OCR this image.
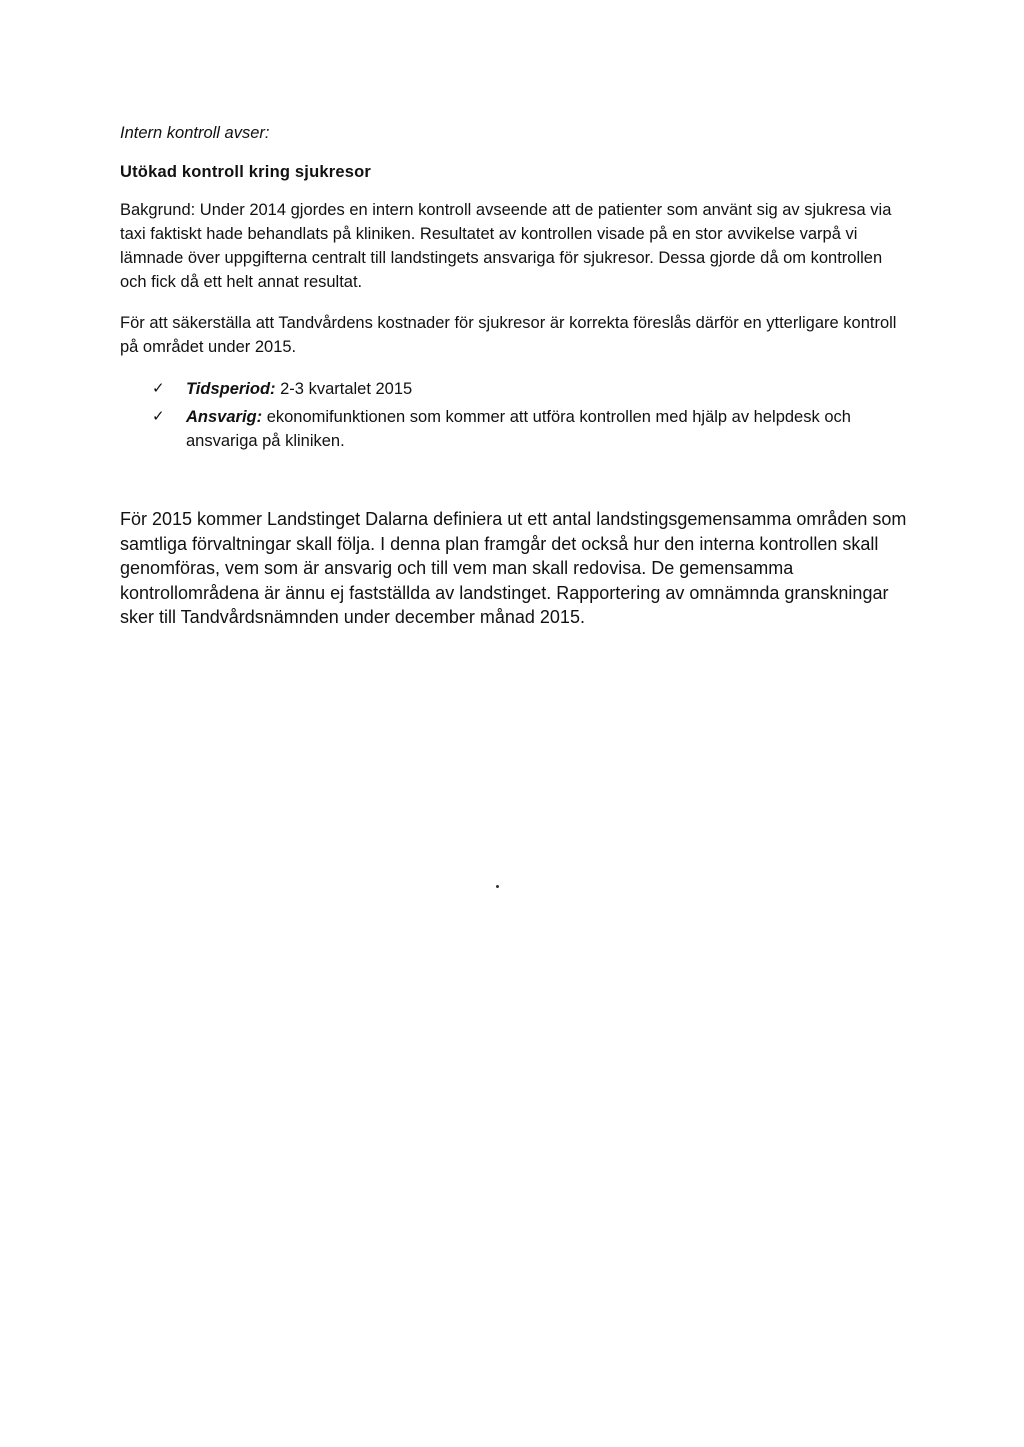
Intern kontroll avser:

Utökad kontroll kring sjukresor

Bakgrund: Under 2014 gjordes en intern kontroll avseende att de patienter som använt sig av sjukresa via taxi faktiskt hade behandlats på kliniken. Resultatet av kontrollen visade på en stor avvikelse varpå vi lämnade över uppgifterna centralt till landstingets ansvariga för sjukresor. Dessa gjorde då om kontrollen och fick då ett helt annat resultat.

För att säkerställa att Tandvårdens kostnader för sjukresor är korrekta föreslås därför en ytterligare kontroll på området under 2015.

✓ Tidsperiod: 2-3 kvartalet 2015
✓ Ansvarig: ekonomifunktionen som kommer att utföra kontrollen med hjälp av helpdesk och ansvariga på kliniken.

För 2015 kommer Landstinget Dalarna definiera ut ett antal landstingsgemensamma områden som samtliga förvaltningar skall följa. I denna plan framgår det också hur den interna kontrollen skall genomföras, vem som är ansvarig och till vem man skall redovisa. De gemensamma kontrollområdena är ännu ej fastställda av landstinget. Rapportering av omnämnda granskningar sker till Tandvårdsnämnden under december månad 2015.
